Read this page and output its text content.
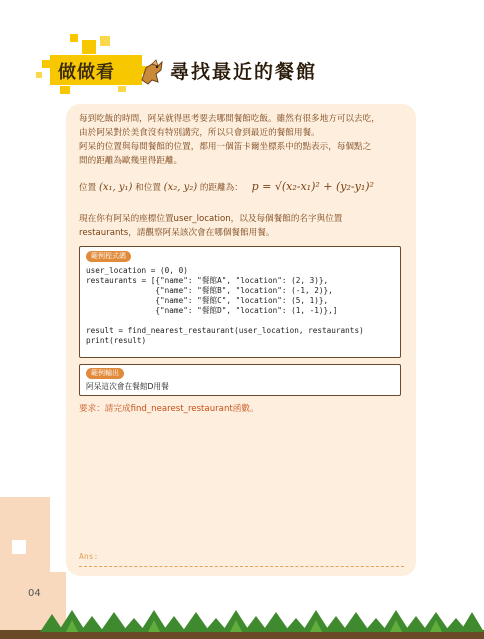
做做看	尋找最近的餐館
每到吃飯的時間，阿呆就得思考要去哪間餐館吃飯。雖然有很多地方可以去吃，
由於阿呆對於美食沒有特別講究，所以只會到最近的餐館用餐。
阿呆的位置與每間餐館的位置，都用一個笛卡爾坐標系中的點表示，每個點之
間的距離為歐幾里得距離。
位置 (x₁, y₁) 和位置 (x₂, y₂) 的距離為： p = √(x₂-x₁)² + (y₂-y₁)²
現在你有阿呆的座標位置user_location，以及每個餐館的名字與位置
restaurants，請觀察阿呆該次會在哪個餐館用餐。
範例程式碼
user_location = (0, 0)
restaurants = [{"name": "餐館A", "location": (2, 3)},
{"name": "餐館B", "location": (-1, 2)},
{"name": "餐館C", "location": (5, 1)},
{"name": "餐館D", "location": (1, -1)},]

result = find_nearest_restaurant(user_location, restaurants)
print(result)
範例輸出
阿呆這次會在餐館D用餐
要求：請完成find_nearest_restaurant函數。
Ans:
04
